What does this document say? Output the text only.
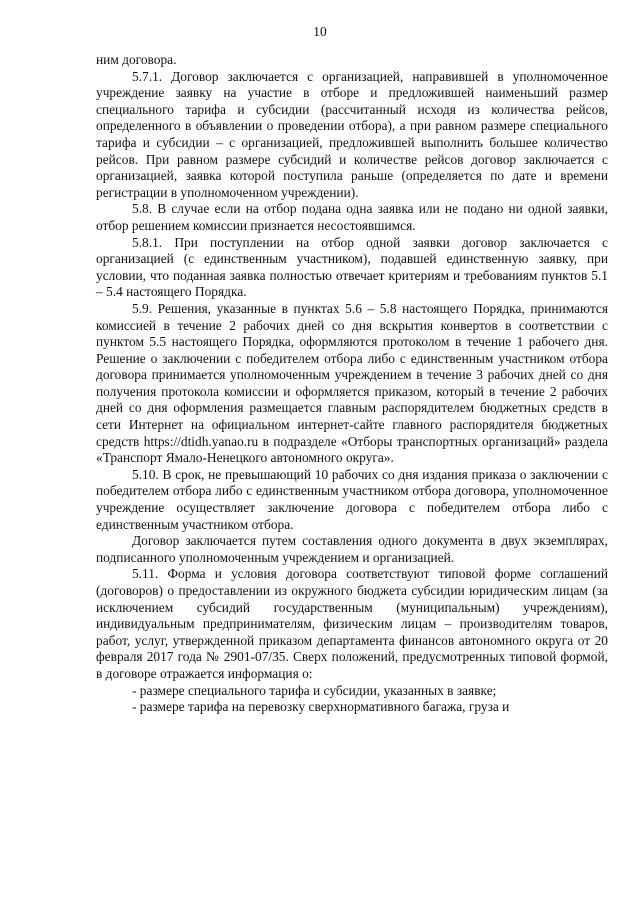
10

ним договора.

5.7.1. Договор заключается с организацией, направившей в уполномоченное учреждение заявку на участие в отборе и предложившей наименьший размер специального тарифа и субсидии (рассчитанный исходя из количества рейсов, определенного в объявлении о проведении отбора), а при равном размере специального тарифа и субсидии – с организацией, предложившей выполнить большее количество рейсов. При равном размере субсидий и количестве рейсов договор заключается с организацией, заявка которой поступила раньше (определяется по дате и времени регистрации в уполномоченном учреждении).

5.8. В случае если на отбор подана одна заявка или не подано ни одной заявки, отбор решением комиссии признается несостоявшимся.

5.8.1. При поступлении на отбор одной заявки договор заключается с организацией (с единственным участником), подавшей единственную заявку, при условии, что поданная заявка полностью отвечает критериям и требованиям пунктов 5.1 – 5.4 настоящего Порядка.

5.9. Решения, указанные в пунктах 5.6 – 5.8 настоящего Порядка, принимаются комиссией в течение 2 рабочих дней со дня вскрытия конвертов в соответствии с пунктом 5.5 настоящего Порядка, оформляются протоколом в течение 1 рабочего дня. Решение о заключении с победителем отбора либо с единственным участником отбора договора принимается уполномоченным учреждением в течение 3 рабочих дней со дня получения протокола комиссии и оформляется приказом, который в течение 2 рабочих дней со дня оформления размещается главным распорядителем бюджетных средств в сети Интернет на официальном интернет-сайте главного распорядителя бюджетных средств https://dtidh.yanao.ru в подразделе «Отборы транспортных организаций» раздела «Транспорт Ямало-Ненецкого автономного округа».

5.10. В срок, не превышающий 10 рабочих со дня издания приказа о заключении с победителем отбора либо с единственным участником отбора договора, уполномоченное учреждение осуществляет заключение договора с победителем отбора либо с единственным участником отбора.

Договор заключается путем составления одного документа в двух экземплярах, подписанного уполномоченным учреждением и организацией.

5.11. Форма и условия договора соответствуют типовой форме соглашений (договоров) о предоставлении из окружного бюджета субсидии юридическим лицам (за исключением субсидий государственным (муниципальным) учреждениям), индивидуальным предпринимателям, физическим лицам – производителям товаров, работ, услуг, утвержденной приказом департамента финансов автономного округа от 20 февраля 2017 года № 2901-07/35. Сверх положений, предусмотренных типовой формой, в договоре отражается информация о:

- размере специального тарифа и субсидии, указанных в заявке;

- размере тарифа на перевозку сверхнормативного багажа, груза и
